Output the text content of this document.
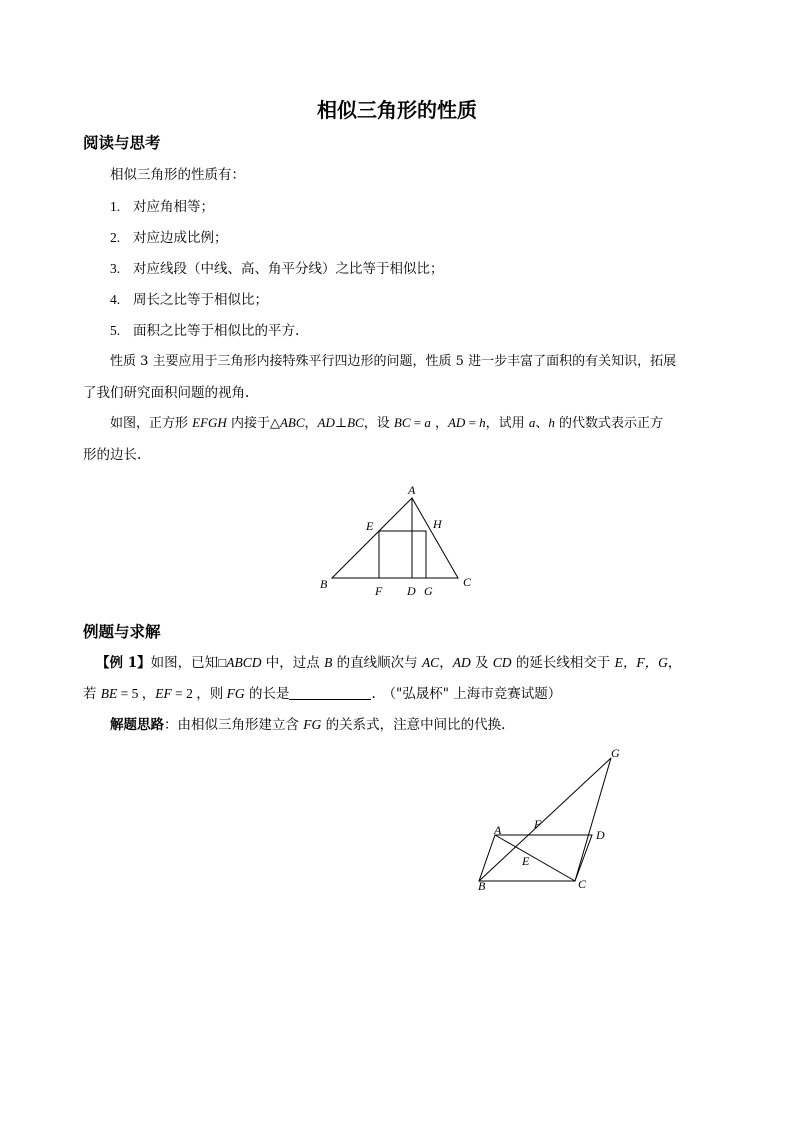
相似三角形的性质
阅读与思考
相似三角形的性质有：
1. 对应角相等；
2. 对应边成比例；
3. 对应线段（中线、高、角平分线）之比等于相似比；
4. 周长之比等于相似比；
5. 面积之比等于相似比的平方.
性质 3 主要应用于三角形内接特殊平行四边形的问题，性质 5 进一步丰富了面积的有关知识，拓展
了我们研究面积问题的视角.
如图，正方形 EFGH 内接于△ABC，AD⊥BC，设 BC = a ，AD = h，试用 a、h 的代数式表示正方
形的边长.
A
B	C
D
E
F	G
H
例题与求解
【例 1】如图，已知□ABCD 中，过点 B 的直线顺次与 AC，AD 及 CD 的延长线相交于 E，F，G，
若 BE = 5 ，EF = 2 ，则 FG 的长是	.　（"弘晟杯" 上海市竞赛试题）
解题思路：由相似三角形建立含 FG 的关系式，注意中间比的代换.
G
F
A	D
E
B	C
